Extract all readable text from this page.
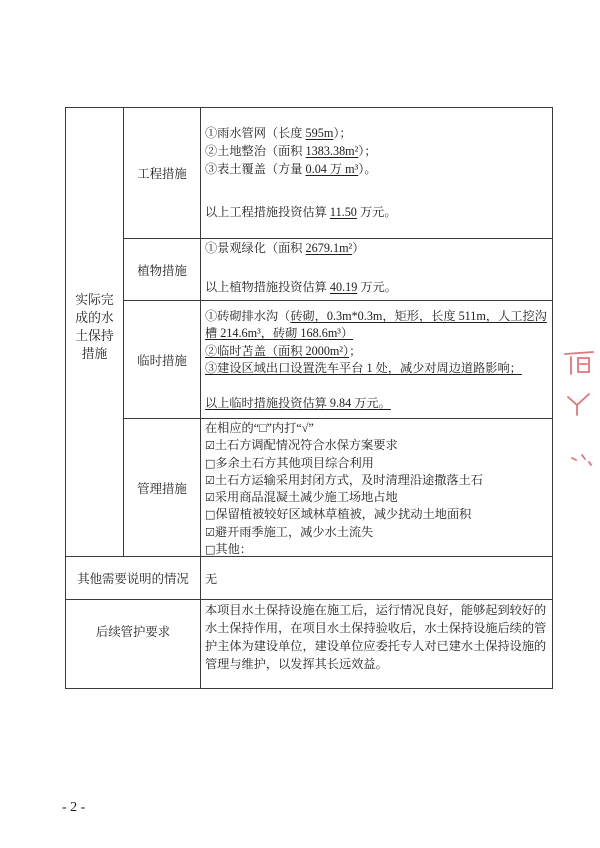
实际完
成的水
土保持
措施
工程措施
①雨水管网（长度 595m）；
②土地整治（面积 1383.38m²）；
③表土覆盖（方量 0.04 万 m³）。
以上工程措施投资估算 11.50 万元。
植物措施
①景观绿化（面积 2679.1m²）
以上植物措施投资估算 40.19 万元。
临时措施
①砖砌排水沟（砖砌，0.3m*0.3m，矩形，长度 511m，人工挖沟
槽 214.6m³，砖砌 168.6m³）
②临时苫盖（面积 2000m²）；
③建设区域出口设置洗车平台 1 处，减少对周边道路影响；
以上临时措施投资估算 9.84 万元。
管理措施
在相应的“□”内打“√”
☑土石方调配情况符合水保方案要求
□多余土石方其他项目综合利用
☑土石方运输采用封闭方式，及时清理沿途撒落土石
☑采用商品混凝土减少施工场地占地
□保留植被较好区域林草植被，减少扰动土地面积
☑避开雨季施工，减少水土流失
□其他：
其他需要说明的情况 无
后续管护要求
本项目水土保持设施在施工后，运行情况良好，能够起到较好的
水土保持作用，在项目水土保持验收后，水土保持设施后续的管
护主体为建设单位，建设单位应委托专人对已建水土保持设施的
管理与维护，以发挥其长远效益。
- 2 -
